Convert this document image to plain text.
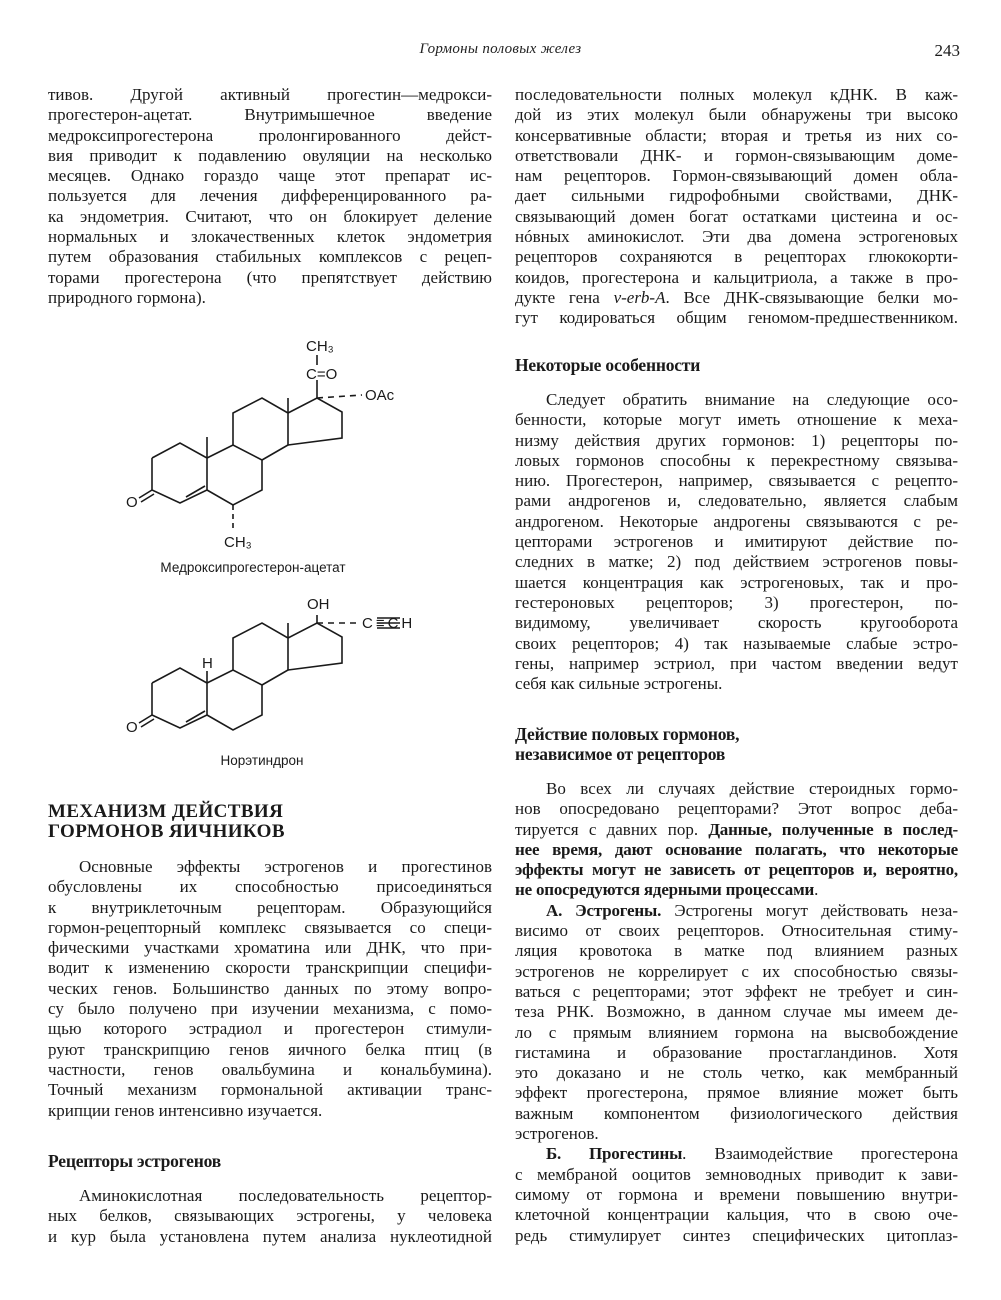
Гормоны половых желез	243
тивов. Другой активный прогестин—медрокси-
прогестерон-ацетат. Внутримышечное введение
медроксипрогестерона пролонгированного дейст-
вия приводит к подавлению овуляции на несколько
месяцев. Однако гораздо чаще этот препарат ис-
пользуется для лечения дифференцированного ра-
ка эндометрия. Считают, что он блокирует деление
нормальных и злокачественных клеток эндометрия
путем образования стабильных комплексов с рецеп-
торами прогестерона (что препятствует действию
природного гормона).
CH₃
C=O
OAc
O
CH₃
Медроксипрогестерон-ацетат
OH
C≡CH
H
O
Норэтиндрон
МЕХАНИЗМ ДЕЙСТВИЯ
ГОРМОНОВ ЯИЧНИКОВ
Основные эффекты эстрогенов и прогестинов
обусловлены их способностью присоединяться
к внутриклеточным рецепторам. Образующийся
гормон-рецепторный комплекс связывается со специ-
фическими участками хроматина или ДНК, что при-
водит к изменению скорости транскрипции специфи-
ческих генов. Большинство данных по этому вопро-
су было получено при изучении механизма, с помо-
щью которого эстрадиол и прогестерон стимули-
руют транскрипцию генов яичного белка птиц (в
частности, генов овальбумина и кональбумина).
Точный механизм гормональной активации транс-
крипции генов интенсивно изучается.
Рецепторы эстрогенов
Аминокислотная последовательность рецептор-
ных белков, связывающих эстрогены, у человека
и кур была установлена путем анализа нуклеотидной
последовательности полных молекул кДНК. В каж-
дой из этих молекул были обнаружены три высоко
консервативные области; вторая и третья из них со-
ответствовали ДНК- и гормон-связывающим доме-
нам рецепторов. Гормон-связывающий домен обла-
дает сильными гидрофобными свойствами, ДНК-
связывающий домен богат остатками цистеина и ос-
нóвных аминокислот. Эти два домена эстрогеновых
рецепторов сохраняются в рецепторах глюкокорти-
коидов, прогестерона и кальцитриола, а также в про-
дукте гена v-erb-A. Все ДНК-связывающие белки мо-
гут кодироваться общим геномом-предшественником.
Некоторые особенности
Следует обратить внимание на следующие осо-
бенности, которые могут иметь отношение к меха-
низму действия других гормонов: 1) рецепторы по-
ловых гормонов способны к перекрестному связыва-
нию. Прогестерон, например, связывается с рецепто-
рами андрогенов и, следовательно, является слабым
андрогеном. Некоторые андрогены связываются с ре-
цепторами эстрогенов и имитируют действие по-
следних в матке; 2) под действием эстрогенов повы-
шается концентрация как эстрогеновых, так и про-
гестероновых рецепторов; 3) прогестерон, по-
видимому, увеличивает скорость кругооборота
своих рецепторов; 4) так называемые слабые эстро-
гены, например эстриол, при частом введении ведут
себя как сильные эстрогены.
Действие половых гормонов,
независимое от рецепторов
Во всех ли случаях действие стероидных гормо-
нов опосредовано рецепторами? Этот вопрос деба-
тируется с давних пор. Данные, полученные в послед-
нее время, дают основание полагать, что некоторые
эффекты могут не зависеть от рецепторов и, вероятно,
не опосредуются ядерными процессами.
А. Эстрогены. Эстрогены могут действовать неза-
висимо от своих рецепторов. Относительная стиму-
ляция кровотока в матке под влиянием разных
эстрогенов не коррелирует с их способностью связы-
ваться с рецепторами; этот эффект не требует и син-
теза РНК. Возможно, в данном случае мы имеем де-
ло с прямым влиянием гормона на высвобождение
гистамина и образование простагландинов. Хотя
это доказано и не столь четко, как мембранный
эффект прогестерона, прямое влияние может быть
важным компонентом физиологического действия
эстрогенов.
Б. Прогестины. Взаимодействие прогестерона
с мембраной ооцитов земноводных приводит к зави-
симому от гормона и времени повышению внутри-
клеточной концентрации кальция, что в свою оче-
редь стимулирует синтез специфических цитоплаз-
